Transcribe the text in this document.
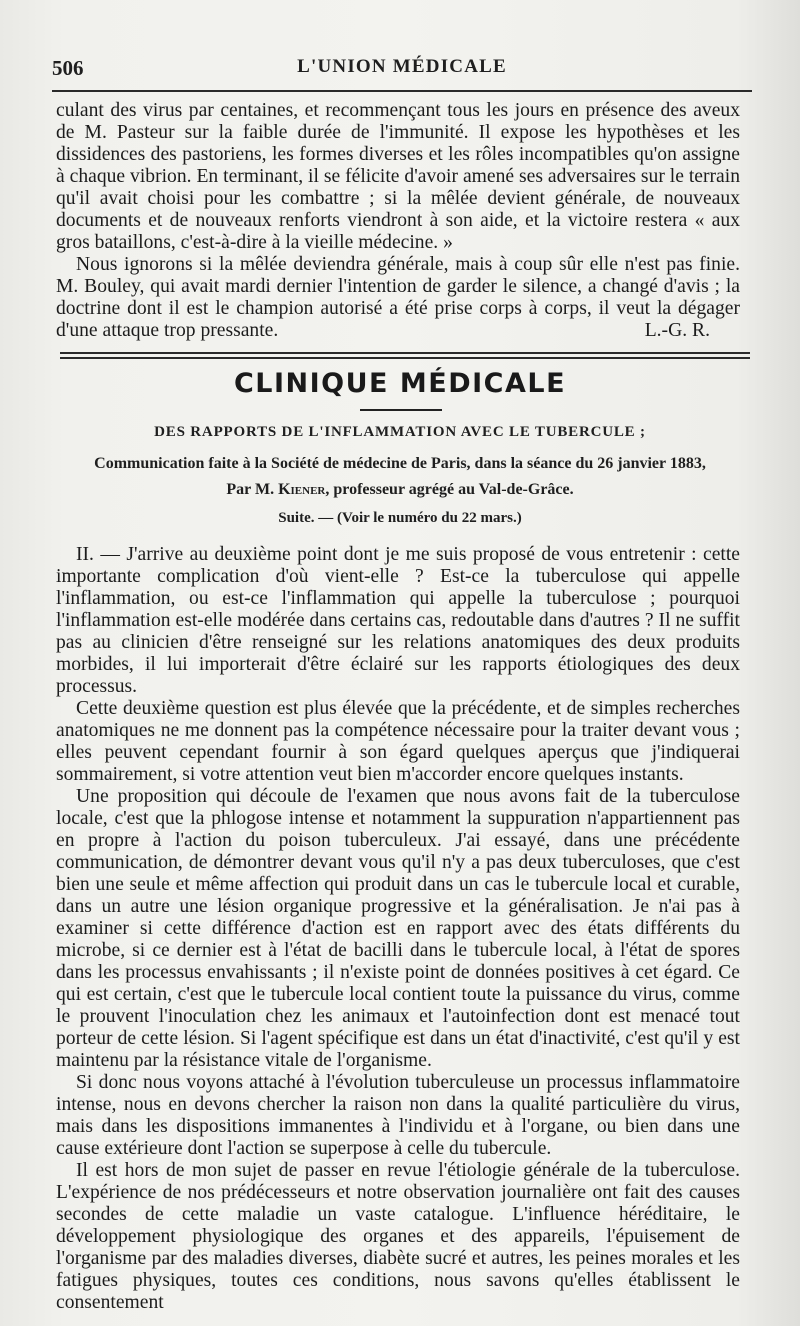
506	L'UNION MÉDICALE

culant des virus par centaines, et recommençant tous les jours en présence des aveux de M. Pasteur sur la faible durée de l'immunité. Il expose les hypothèses et les dissidences des pastoriens, les formes diverses et les rôles incompatibles qu'on assigne à chaque vibrion. En terminant, il se félicite d'avoir amené ses adversaires sur le terrain qu'il avait choisi pour les combattre ; si la mêlée devient générale, de nouveaux documents et de nouveaux renforts viendront à son aide, et la victoire restera « aux gros bataillons, c'est-à-dire à la vieille médecine. »

Nous ignorons si la mêlée deviendra générale, mais à coup sûr elle n'est pas finie. M. Bouley, qui avait mardi dernier l'intention de garder le silence, a changé d'avis ; la doctrine dont il est le champion autorisé a été prise corps à corps, il veut la dégager d'une attaque trop pressante.	L.-G. R.

CLINIQUE MÉDICALE
DES RAPPORTS DE L'INFLAMMATION AVEC LE TUBERCULE ;
Communication faite à la Société de médecine de Paris, dans la séance du 26 janvier 1883,
Par M. Kiener, professeur agrégé au Val-de-Grâce.
Suite. — (Voir le numéro du 22 mars.)

II. — J'arrive au deuxième point dont je me suis proposé de vous entretenir : cette importante complication d'où vient-elle ? Est-ce la tuberculose qui appelle l'inflammation, ou est-ce l'inflammation qui appelle la tuberculose ; pourquoi l'inflammation est-elle modérée dans certains cas, redoutable dans d'autres ? Il ne suffit pas au clinicien d'être renseigné sur les relations anatomiques des deux produits morbides, il lui importerait d'être éclairé sur les rapports étiologiques des deux processus.

Cette deuxième question est plus élevée que la précédente, et de simples recherches anatomiques ne me donnent pas la compétence nécessaire pour la traiter devant vous ; elles peuvent cependant fournir à son égard quelques aperçus que j'indiquerai sommairement, si votre attention veut bien m'accorder encore quelques instants.

Une proposition qui découle de l'examen que nous avons fait de la tuberculose locale, c'est que la phlogose intense et notamment la suppuration n'appartiennent pas en propre à l'action du poison tuberculeux. J'ai essayé, dans une précédente communication, de démontrer devant vous qu'il n'y a pas deux tuberculoses, que c'est bien une seule et même affection qui produit dans un cas le tubercule local et curable, dans un autre une lésion organique progressive et la généralisation. Je n'ai pas à examiner si cette différence d'action est en rapport avec des états différents du microbe, si ce dernier est à l'état de bacilli dans le tubercule local, à l'état de spores dans les processus envahissants ; il n'existe point de données positives à cet égard. Ce qui est certain, c'est que le tubercule local contient toute la puissance du virus, comme le prouvent l'inoculation chez les animaux et l'autoinfection dont est menacé tout porteur de cette lésion. Si l'agent spécifique est dans un état d'inactivité, c'est qu'il y est maintenu par la résistance vitale de l'organisme.

Si donc nous voyons attaché à l'évolution tuberculeuse un processus inflammatoire intense, nous en devons chercher la raison non dans la qualité particulière du virus, mais dans les dispositions immanentes à l'individu et à l'organe, ou bien dans une cause extérieure dont l'action se superpose à celle du tubercule.

Il est hors de mon sujet de passer en revue l'étiologie générale de la tuberculose. L'expérience de nos prédécesseurs et notre observation journalière ont fait des causes secondes de cette maladie un vaste catalogue. L'influence héréditaire, le développement physiologique des organes et des appareils, l'épuisement de l'organisme par des maladies diverses, diabète sucré et autres, les peines morales et les fatigues physiques, toutes ces conditions, nous savons qu'elles établissent le consentement
